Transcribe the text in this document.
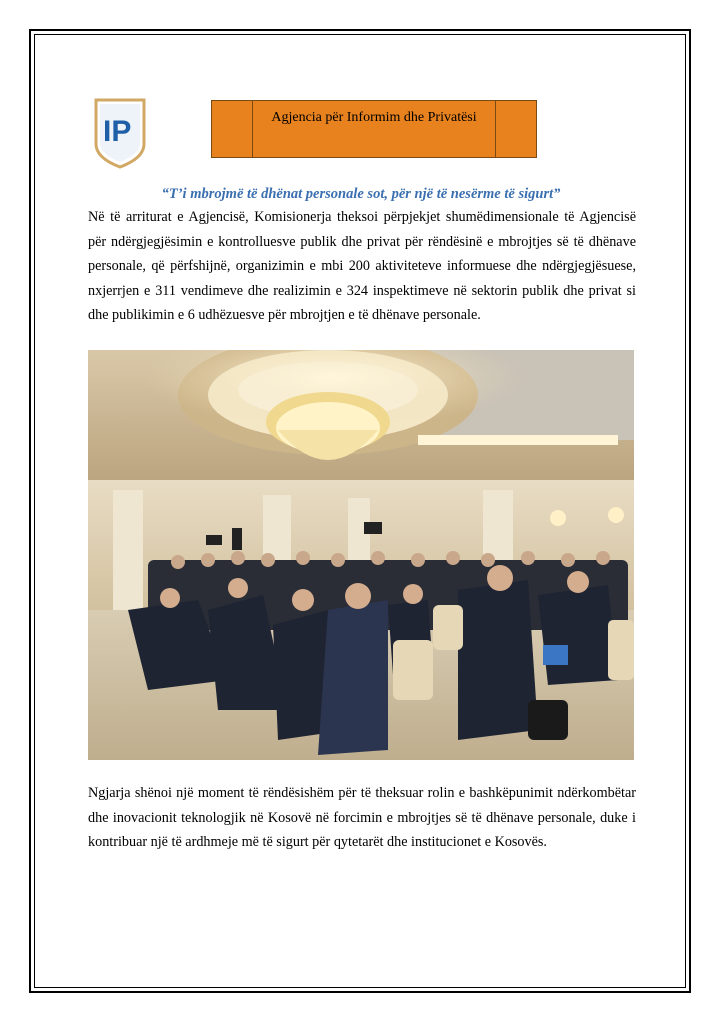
IP	Agjencia për Informim dhe Privatësi
“T’i mbrojmë të dhënat personale sot, për një të nesërme të sigurt”
Në të arriturat e Agjencisë, Komisionerja theksoi përpjekjet shumëdimensionale të Agjencisë për ndërgjegjësimin e kontrolluesve publik dhe privat për rëndësinë e mbrojtjes së të dhënave personale, që përfshijnë, organizimin e mbi 200 aktiviteteve informuese dhe ndërgjegjësuese, nxjerrjen e 311 vendimeve dhe realizimin e 324 inspektimeve në sektorin publik dhe privat si dhe publikimin e 6 udhëzuesve për mbrojtjen e të dhënave personale.
Ngjarja shënoi një moment të rëndësishëm për të theksuar rolin e bashkëpunimit ndërkombëtar dhe inovacionit teknologjik në Kosovë në forcimin e mbrojtjes së të dhënave personale, duke i kontribuar një të ardhmeje më të sigurt për qytetarët dhe institucionet e Kosovës.
